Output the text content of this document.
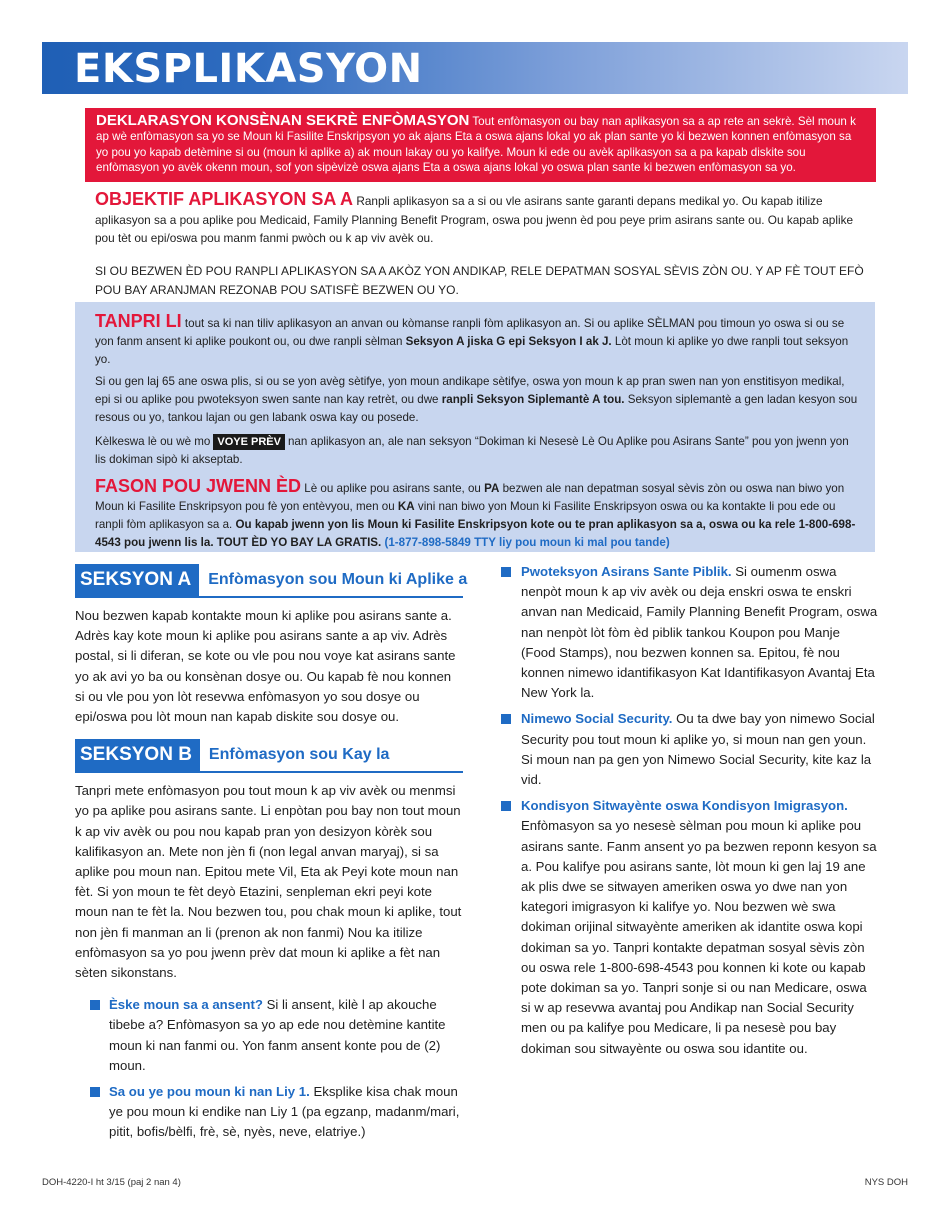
EKSPLIKASYON
DEKLARASYON KONSÈNAN SEKRÈ ENFÒMASYON Tout enfòmasyon ou bay nan aplikasyon sa a ap rete an sekrè. Sèl moun k ap wè enfòmasyon sa yo se Moun ki Fasilite Enskripsyon yo ak ajans Eta a oswa ajans lokal yo ak plan sante yo ki bezwen konnen enfòmasyon sa yo pou yo kapab detèmine si ou (moun ki aplike a) ak moun lakay ou yo kalifye. Moun ki ede ou avèk aplikasyon sa a pa kapab diskite sou enfòmasyon yo avèk okenn moun, sof yon sipèvizè oswa ajans Eta a oswa ajans lokal yo oswa plan sante ki bezwen enfòmasyon sa yo.
OBJEKTIF APLIKASYON SA A Ranpli aplikasyon sa a si ou vle asirans sante garanti depans medikal yo. Ou kapab itilize aplikasyon sa a pou aplike pou Medicaid, Family Planning Benefit Program, oswa pou jwenn èd pou peye prim asirans sante ou. Ou kapab aplike pou tèt ou epi/oswa pou manm fanmi pwòch ou k ap viv avèk ou.
SI OU BEZWEN ÈD POU RANPLI APLIKASYON SA A AKÒZ YON ANDIKAP, RELE DEPATMAN SOSYAL SÈVIS ZÒN OU. Y AP FÈ TOUT EFÒ POU BAY ARANJMAN REZONAB POU SATISFÈ BEZWEN OU YO.

TANPRI LI tout sa ki nan tiliv aplikasyon an anvan ou kòmanse ranpli fòm aplikasyon an. Si ou aplike SÈLMAN pou timoun yo oswa si ou se yon fanm ansent ki aplike poukont ou, ou dwe ranpli sèlman Seksyon A jiska G epi Seksyon I ak J. Lòt moun ki aplike yo dwe ranpli tout seksyon yo.

Si ou gen laj 65 ane oswa plis, si ou se yon avèg sètifye, yon moun andikape sètifye, oswa yon moun k ap pran swen nan yon enstitisyon medikal, epi si ou aplike pou pwoteksyon swen sante nan kay retrèt, ou dwe ranpli Seksyon Siplemantè A tou. Seksyon siplemantè a gen ladan kesyon sou resous ou yo, tankou lajan ou gen labank oswa kay ou posede.

Kèlkeswa lè ou wè mo VOYE PRÈV nan aplikasyon an, ale nan seksyon “Dokiman ki Nesesè Lè Ou Aplike pou Asirans Sante” pou yon jwenn yon lis dokiman sipò ki akseptab.

FASON POU JWENN ÈD Lè ou aplike pou asirans sante, ou PA bezwen ale nan depatman sosyal sèvis zòn ou oswa nan biwo yon Moun ki Fasilite Enskripsyon pou fè yon entèvyou, men ou KA vini nan biwo yon Moun ki Fasilite Enskripsyon oswa ou ka kontakte li pou ede ou ranpli fòm aplikasyon sa a. Ou kapab jwenn yon lis Moun ki Fasilite Enskripsyon kote ou te pran aplikasyon sa a, oswa ou ka rele 1-800-698-4543 pou jwenn lis la. TOUT ÈD YO BAY LA GRATIS. (1-877-898-5849 TTY liy pou moun ki mal pou tande)

SEKSYON A	Enfòmasyon sou Moun ki Aplike a

Nou bezwen kapab kontakte moun ki aplike pou asirans sante a. Adrès kay kote moun ki aplike pou asirans sante a ap viv. Adrès postal, si li diferan, se kote ou vle pou nou voye kat asirans sante yo ak avi yo ba ou konsènan dosye ou. Ou kapab fè nou konnen si ou vle pou yon lòt resevwa enfòmasyon yo sou dosye ou epi/oswa pou lòt moun nan kapab diskite sou dosye ou.

SEKSYON B	Enfòmasyon sou Kay la

Tanpri mete enfòmasyon pou tout moun k ap viv avèk ou menmsi yo pa aplike pou asirans sante. Li enpòtan pou bay non tout moun k ap viv avèk ou pou nou kapab pran yon desizyon kòrèk sou kalifikasyon an. Mete non jèn fi (non legal anvan maryaj), si sa aplike pou moun nan. Epitou mete Vil, Eta ak Peyi kote moun nan fèt. Si yon moun te fèt deyò Etazini, senpleman ekri peyi kote moun nan te fèt la. Nou bezwen tou, pou chak moun ki aplike, tout non jèn fi manman an li (prenon ak non fanmi) Nou ka itilize enfòmasyon sa yo pou jwenn prèv dat moun ki aplike a fèt nan sèten sikonstans.

Èske moun sa a ansent? Si li ansent, kilè l ap akouche tibebe a? Enfòmasyon sa yo ap ede nou detèmine kantite moun ki nan fanmi ou. Yon fanm ansent konte pou de (2) moun.
Sa ou ye pou moun ki nan Liy 1. Eksplike kisa chak moun ye pou moun ki endike nan Liy 1 (pa egzanp, madanm/mari, pitit, bofis/bèlfi, frè, sè, nyès, neve, elatriye.)
Pwoteksyon Asirans Sante Piblik. Si oumenm oswa nenpòt moun k ap viv avèk ou deja enskri oswa te enskri anvan nan Medicaid, Family Planning Benefit Program, oswa nan nenpòt lòt fòm èd piblik tankou Koupon pou Manje (Food Stamps), nou bezwen konnen sa. Epitou, fè nou konnen nimewo idantifikasyon Kat Idantifikasyon Avantaj Eta New York la.
Nimewo Social Security. Ou ta dwe bay yon nimewo Social Security pou tout moun ki aplike yo, si moun nan gen youn. Si moun nan pa gen yon Nimewo Social Security, kite kaz la vid.
Kondisyon Sitwayènte oswa Kondisyon Imigrasyon.
Enfòmasyon sa yo nesesè sèlman pou moun ki aplike pou asirans sante. Fanm ansent yo pa bezwen reponn kesyon sa a. Pou kalifye pou asirans sante, lòt moun ki gen laj 19 ane ak plis dwe se sitwayen ameriken oswa yo dwe nan yon kategori imigrasyon ki kalifye yo. Nou bezwen wè swa dokiman orijinal sitwayènte ameriken ak idantite oswa kopi dokiman sa yo. Tanpri kontakte depatman sosyal sèvis zòn ou oswa rele 1-800-698-4543 pou konnen ki kote ou kapab pote dokiman sa yo. Tanpri sonje si ou nan Medicare, oswa si w ap resevwa avantaj pou Andikap nan Social Security men ou pa kalifye pou Medicare, li pa nesesè pou bay dokiman sou sitwayènte ou oswa sou idantite ou.
DOH-4220-I ht 3/15 (paj 2 nan 4)	NYS DOH
